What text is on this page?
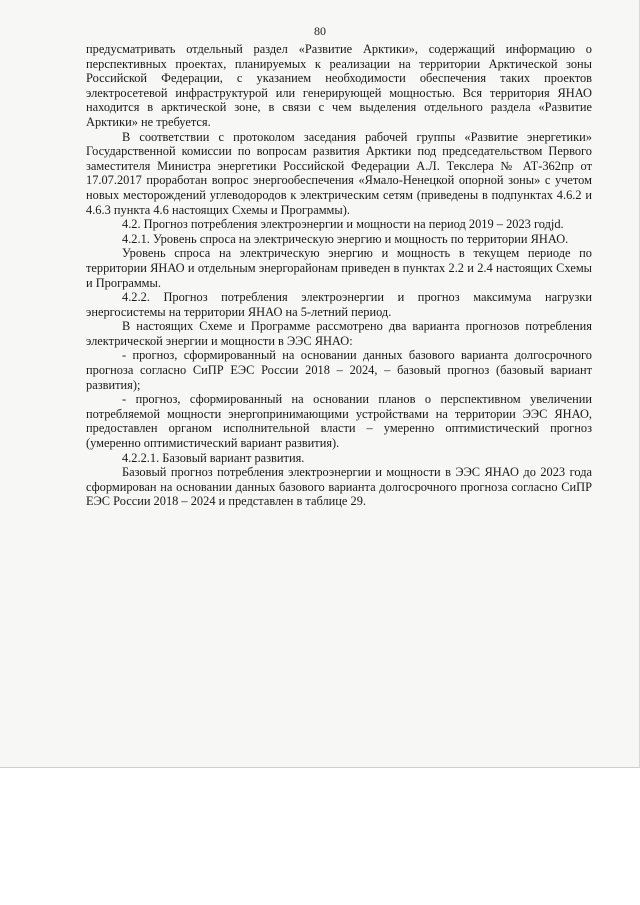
80

предусматривать отдельный раздел «Развитие Арктики», содержащий информацию о перспективных проектах, планируемых к реализации на территории Арктической зоны Российской Федерации, с указанием необходимости обеспечения таких проектов электросетевой инфраструктурой или генерирующей мощностью. Вся территория ЯНАО находится в арктической зоне, в связи с чем выделения отдельного раздела «Развитие Арктики» не требуется.

В соответствии с протоколом заседания рабочей группы «Развитие энергетики» Государственной комиссии по вопросам развития Арктики под председательством Первого заместителя Министра энергетики Российской Федерации А.Л. Текслера № АТ-362пр от 17.07.2017 проработан вопрос энергообеспечения «Ямало-Ненецкой опорной зоны» с учетом новых месторождений углеводородов к электрическим сетям (приведены в подпунктах 4.6.2 и 4.6.3 пункта 4.6 настоящих Схемы и Программы).

4.2. Прогноз потребления электроэнергии и мощности на период 2019 – 2023 годjd.

4.2.1. Уровень спроса на электрическую энергию и мощность по территории ЯНАО.

Уровень спроса на электрическую энергию и мощность в текущем периоде по территории ЯНАО и отдельным энергорайонам приведен в пунктах 2.2 и 2.4 настоящих Схемы и Программы.

4.2.2. Прогноз потребления электроэнергии и прогноз максимума нагрузки энергосистемы на территории ЯНАО на 5-летний период.

В настоящих Схеме и Программе рассмотрено два варианта прогнозов потребления электрической энергии и мощности в ЭЭС ЯНАО:

- прогноз, сформированный на основании данных базового варианта долгосрочного прогноза согласно СиПР ЕЭС России 2018 – 2024, – базовый прогноз (базовый вариант развития);

- прогноз, сформированный на основании планов о перспективном увеличении потребляемой мощности энергопринимающими устройствами на территории ЭЭС ЯНАО, предоставлен органом исполнительной власти – умеренно оптимистический прогноз (умеренно оптимистический вариант развития).

4.2.2.1. Базовый вариант развития.

Базовый прогноз потребления электроэнергии и мощности в ЭЭС ЯНАО до 2023 года сформирован на основании данных базового варианта долгосрочного прогноза согласно СиПР ЕЭС России 2018 – 2024 и представлен в таблице 29.
